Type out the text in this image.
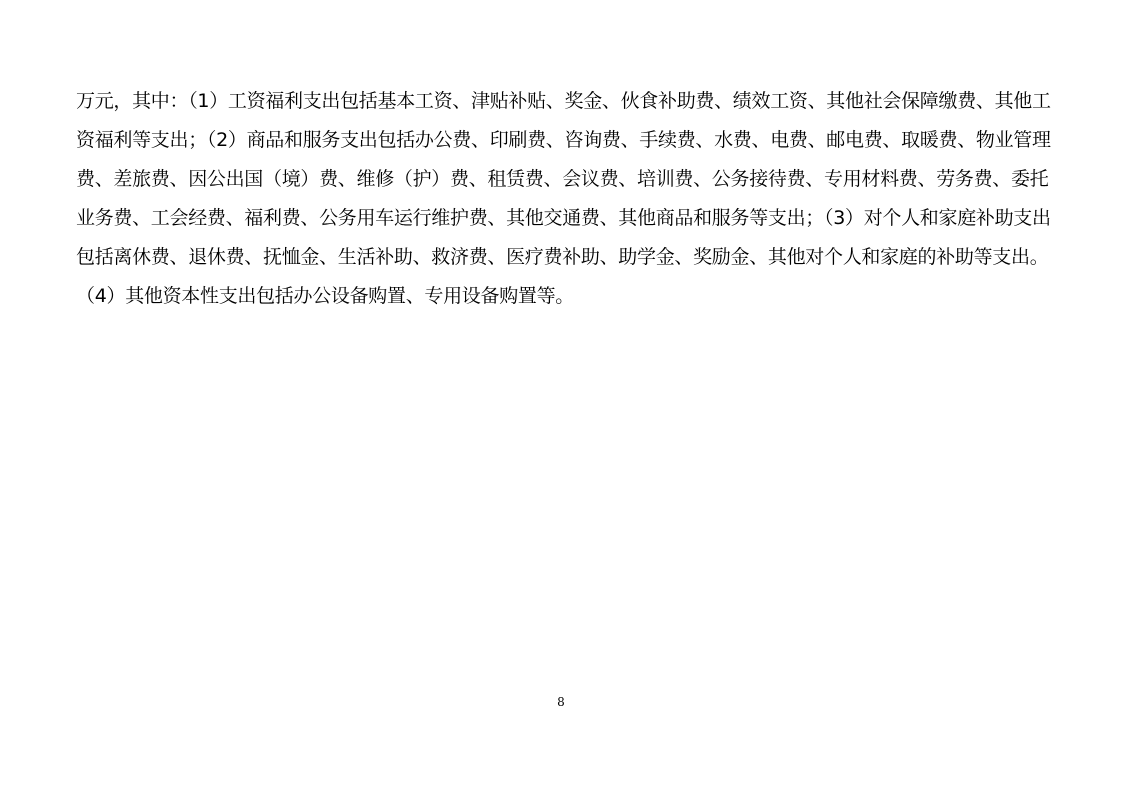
万元，其中：（1）工资福利支出包括基本工资、津贴补贴、奖金、伙食补助费、绩效工资、其他社会保障缴费、其他工
资福利等支出；（2）商品和服务支出包括办公费、印刷费、咨询费、手续费、水费、电费、邮电费、取暖费、物业管理
费、差旅费、因公出国（境）费、维修（护）费、租赁费、会议费、培训费、公务接待费、专用材料费、劳务费、委托
业务费、工会经费、福利费、公务用车运行维护费、其他交通费、其他商品和服务等支出；（3）对个人和家庭补助支出
包括离休费、退休费、抚恤金、生活补助、救济费、医疗费补助、助学金、奖励金、其他对个人和家庭的补助等支出。
（4）其他资本性支出包括办公设备购置、专用设备购置等。
8
